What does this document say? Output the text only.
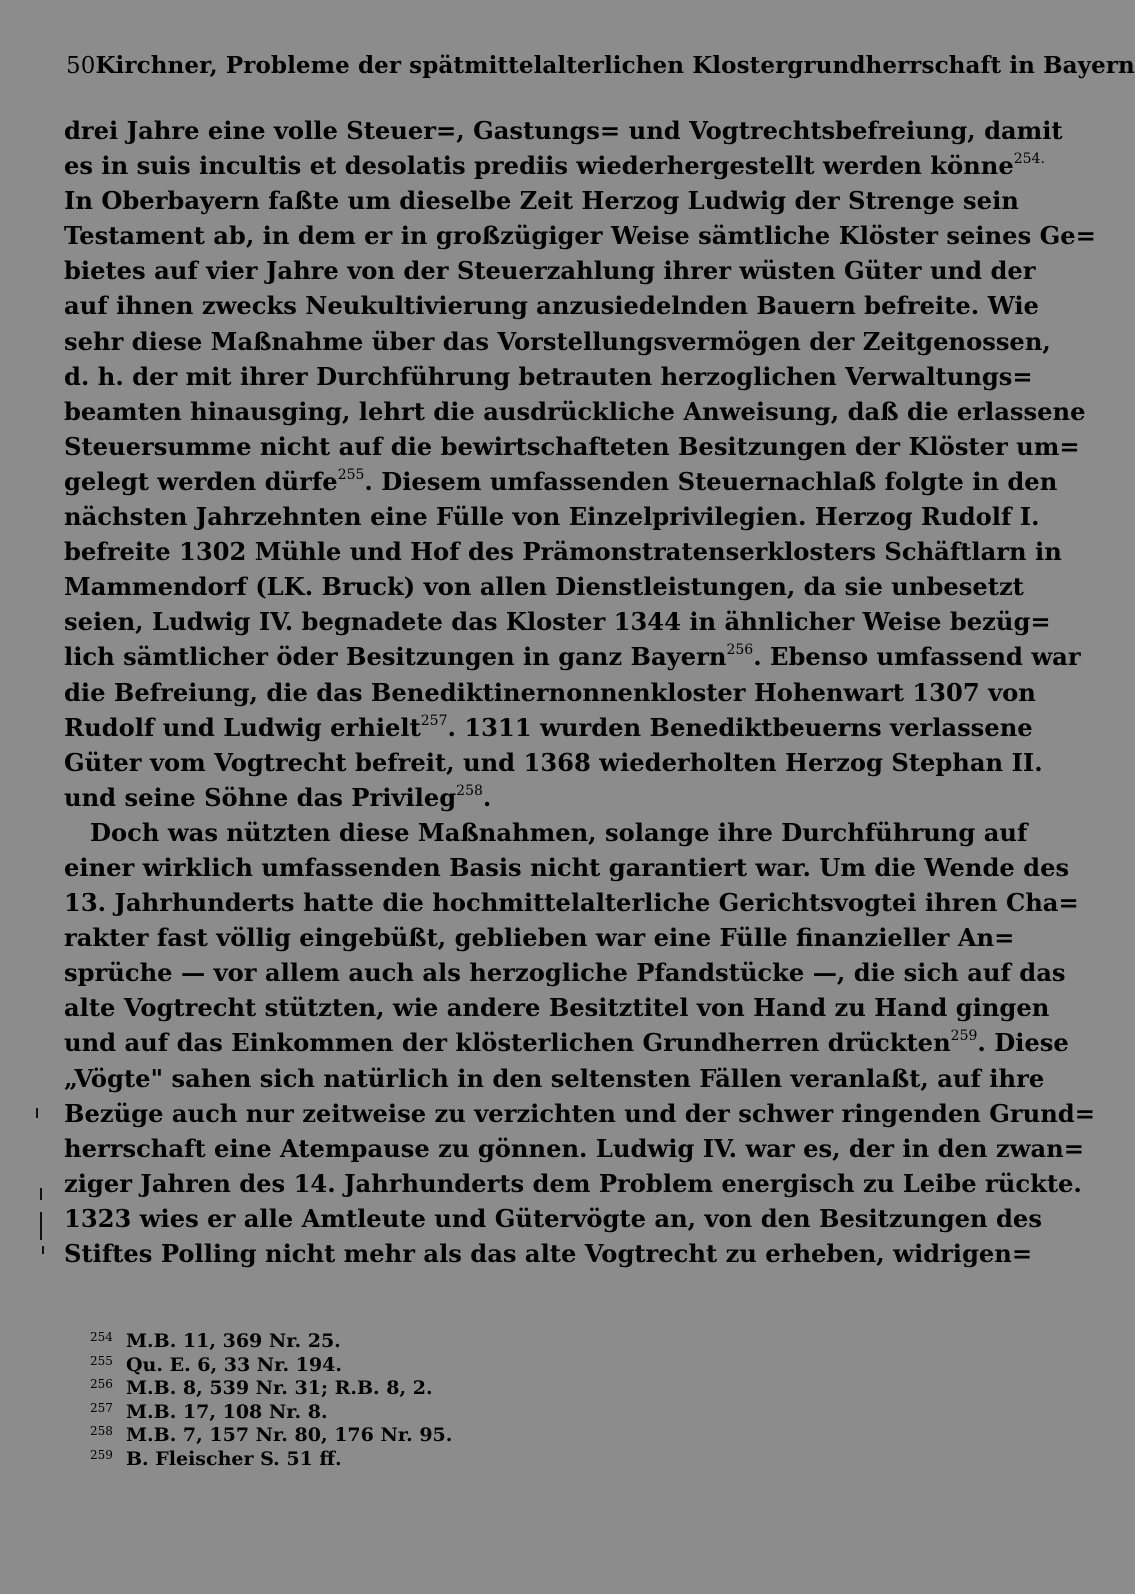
50 Kirchner, Probleme der spätmittelalterlichen Klostergrundherrschaft in Bayern
drei Jahre eine volle Steuer=, Gastungs= und Vogtrechtsbefreiung, damit
es in suis incultis et desolatis prediis wiederhergestellt werden könne$^{254.}$
In Oberbayern faßte um dieselbe Zeit Herzog Ludwig der Strenge sein
Testament ab, in dem er in großzügiger Weise sämtliche Klöster seines Ge=
bietes auf vier Jahre von der Steuerzahlung ihrer wüsten Güter und der
auf ihnen zwecks Neukultivierung anzusiedelnden Bauern befreite. Wie
sehr diese Maßnahme über das Vorstellungsvermögen der Zeitgenossen,
d. h. der mit ihrer Durchführung betrauten herzoglichen Verwaltungs=
beamten hinausging, lehrt die ausdrückliche Anweisung, daß die erlassene
Steuersumme nicht auf die bewirtschafteten Besitzungen der Klöster um=
gelegt werden dürfe$^{255}$. Diesem umfassenden Steuernachlaß folgte in den
nächsten Jahrzehnten eine Fülle von Einzelprivilegien. Herzog Rudolf I.
befreite 1302 Mühle und Hof des Prämonstratenserklosters Schäftlarn in
Mammendorf (LK. Bruck) von allen Dienstleistungen, da sie unbesetzt
seien, Ludwig IV. begnadete das Kloster 1344 in ähnlicher Weise bezüg=
lich sämtlicher öder Besitzungen in ganz Bayern$^{256}$. Ebenso umfassend war
die Befreiung, die das Benediktinernonnenkloster Hohenwart 1307 von
Rudolf und Ludwig erhielt$^{257}$. 1311 wurden Benediktbeuerns verlassene
Güter vom Vogtrecht befreit, und 1368 wiederholten Herzog Stephan II.
und seine Söhne das Privileg$^{258}$.
Doch was nützten diese Maßnahmen, solange ihre Durchführung auf
einer wirklich umfassenden Basis nicht garantiert war. Um die Wende des
13. Jahrhunderts hatte die hochmittelalterliche Gerichtsvogtei ihren Cha=
rakter fast völlig eingebüßt, geblieben war eine Fülle finanzieller An=
sprüche — vor allem auch als herzogliche Pfandstücke —, die sich auf das
alte Vogtrecht stützten, wie andere Besitztitel von Hand zu Hand gingen
und auf das Einkommen der klösterlichen Grundherren drückten$^{259}$. Diese
„Vögte" sahen sich natürlich in den seltensten Fällen veranlaßt, auf ihre
Bezüge auch nur zeitweise zu verzichten und der schwer ringenden Grund=
herrschaft eine Atempause zu gönnen. Ludwig IV. war es, der in den zwan=
ziger Jahren des 14. Jahrhunderts dem Problem energisch zu Leibe rückte.
1323 wies er alle Amtleute und Gütervögte an, von den Besitzungen des
Stiftes Polling nicht mehr als das alte Vogtrecht zu erheben, widrigen=
254 M.B. 11, 369 Nr. 25.
255 Qu. E. 6, 33 Nr. 194.
256 M.B. 8, 539 Nr. 31; R.B. 8, 2.
257 M.B. 17, 108 Nr. 8.
258 M.B. 7, 157 Nr. 80, 176 Nr. 95.
259 B. Fleischer S. 51 ff.
